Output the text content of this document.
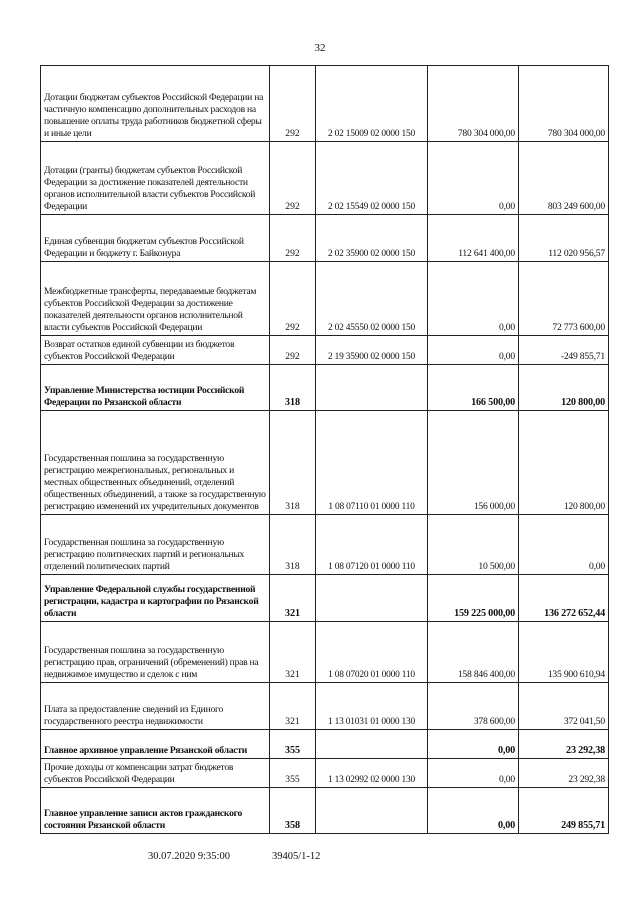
32
Дотации бюджетам субъектов Российской Федерации на частичную компенсацию дополнительных расходов на повышение оплаты труда работников бюджетной сферы и иные цели	292	2 02 15009 02 0000 150	780 304 000,00	780 304 000,00
Дотации (гранты) бюджетам субъектов Российской Федерации за достижение показателей деятельности органов исполнительной власти субъектов Российской Федерации	292	2 02 15549 02 0000 150	0,00	803 249 600,00
Единая субвенция бюджетам субъектов Российской Федерации и бюджету г. Байконура	292	2 02 35900 02 0000 150	112 641 400,00	112 020 956,57
Межбюджетные трансферты, передаваемые бюджетам субъектов Российской Федерации за достижение показателей деятельности органов исполнительной власти субъектов Российской Федерации	292	2 02 45550 02 0000 150	0,00	72 773 600,00
Возврат остатков единой субвенции из бюджетов субъектов Российской Федерации	292	2 19 35900 02 0000 150	0,00	-249 855,71
Управление Министерства юстиции Российской Федерации по Рязанской области	318		166 500,00	120 800,00
Государственная пошлина за государственную регистрацию межрегиональных, региональных и местных общественных объединений, отделений общественных объединений, а также за государственную регистрацию изменений их учредительных документов	318	1 08 07110 01 0000 110	156 000,00	120 800,00
Государственная пошлина за государственную регистрацию политических партий и региональных отделений политических партий	318	1 08 07120 01 0000 110	10 500,00	0,00
Управление Федеральной службы государственной регистрации, кадастра и картографии по Рязанской области	321		159 225 000,00	136 272 652,44
Государственная пошлина за государственную регистрацию прав, ограничений (обременений) прав на недвижимое имущество и сделок с ним	321	1 08 07020 01 0000 110	158 846 400,00	135 900 610,94
Плата за предоставление сведений из Единого государственного реестра недвижимости	321	1 13 01031 01 0000 130	378 600,00	372 041,50
Главное архивное управление Рязанской области	355		0,00	23 292,38
Прочие доходы от компенсации затрат бюджетов субъектов Российской Федерации	355	1 13 02992 02 0000 130	0,00	23 292,38
Главное управление записи актов гражданского состояния Рязанской области	358		0,00	249 855,71
30.07.2020 9:35:00	39405/1-12
